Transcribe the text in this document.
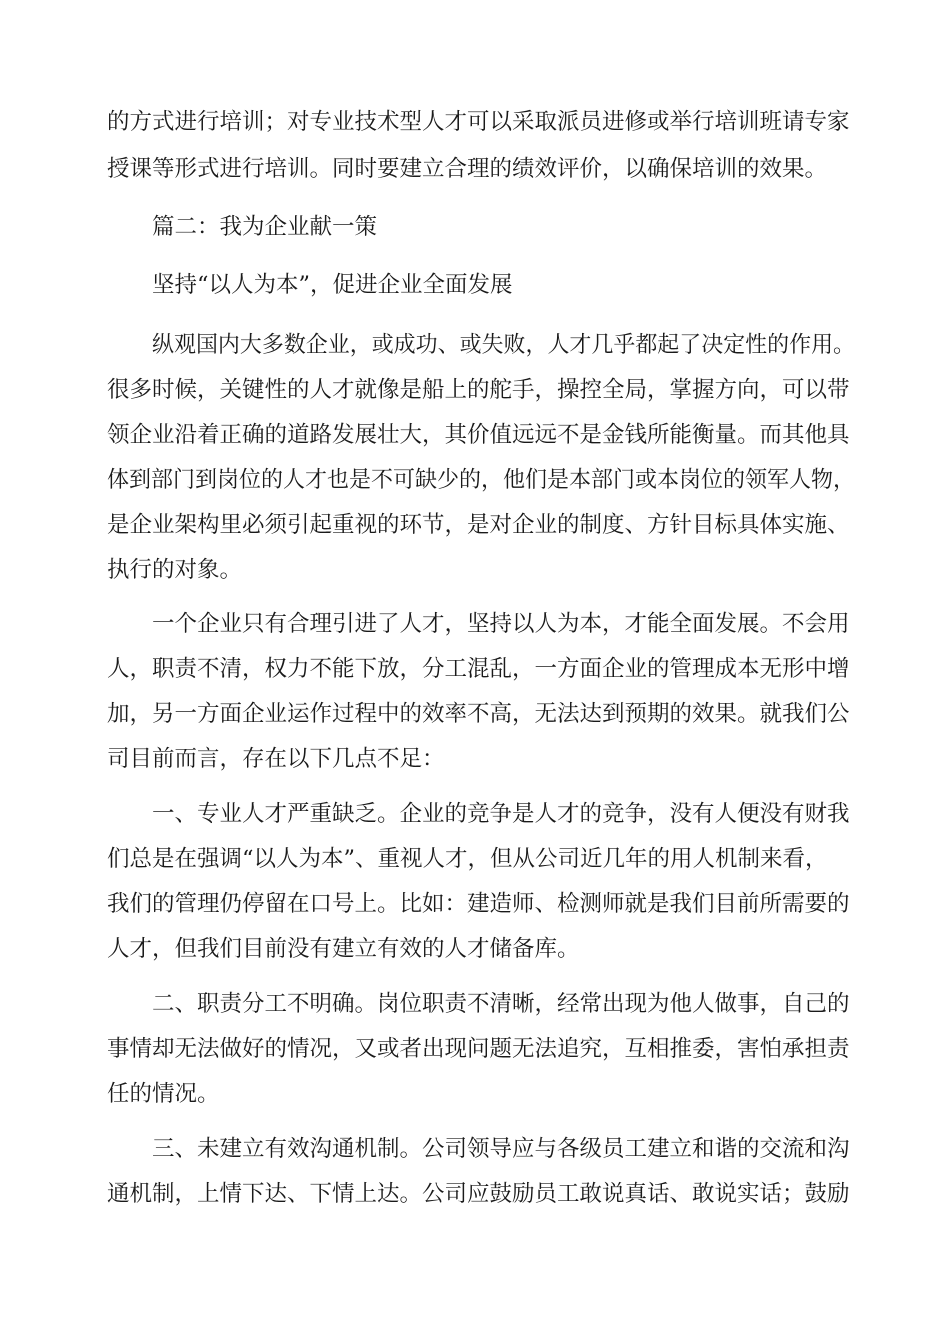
的方式进行培训；对专业技术型人才可以采取派员进修或举行培训班请专家
授课等形式进行培训。同时要建立合理的绩效评价，以确保培训的效果。
篇二：我为企业献一策
坚持“以人为本”，促进企业全面发展
纵观国内大多数企业，或成功、或失败，人才几乎都起了决定性的作用。
很多时候，关键性的人才就像是船上的舵手，操控全局，掌握方向，可以带
领企业沿着正确的道路发展壮大，其价值远远不是金钱所能衡量。而其他具
体到部门到岗位的人才也是不可缺少的，他们是本部门或本岗位的领军人物，
是企业架构里必须引起重视的环节，是对企业的制度、方针目标具体实施、
执行的对象。
一个企业只有合理引进了人才，坚持以人为本，才能全面发展。不会用
人，职责不清，权力不能下放，分工混乱，一方面企业的管理成本无形中增
加，另一方面企业运作过程中的效率不高，无法达到预期的效果。就我们公
司目前而言，存在以下几点不足：
一、专业人才严重缺乏。企业的竞争是人才的竞争，没有人便没有财我
们总是在强调“以人为本”、重视人才，但从公司近几年的用人机制来看，
我们的管理仍停留在口号上。比如：建造师、检测师就是我们目前所需要的
人才，但我们目前没有建立有效的人才储备库。
二、职责分工不明确。岗位职责不清晰，经常出现为他人做事，自己的
事情却无法做好的情况，又或者出现问题无法追究，互相推委，害怕承担责
任的情况。
三、未建立有效沟通机制。公司领导应与各级员工建立和谐的交流和沟
通机制，上情下达、下情上达。公司应鼓励员工敢说真话、敢说实话；鼓励
